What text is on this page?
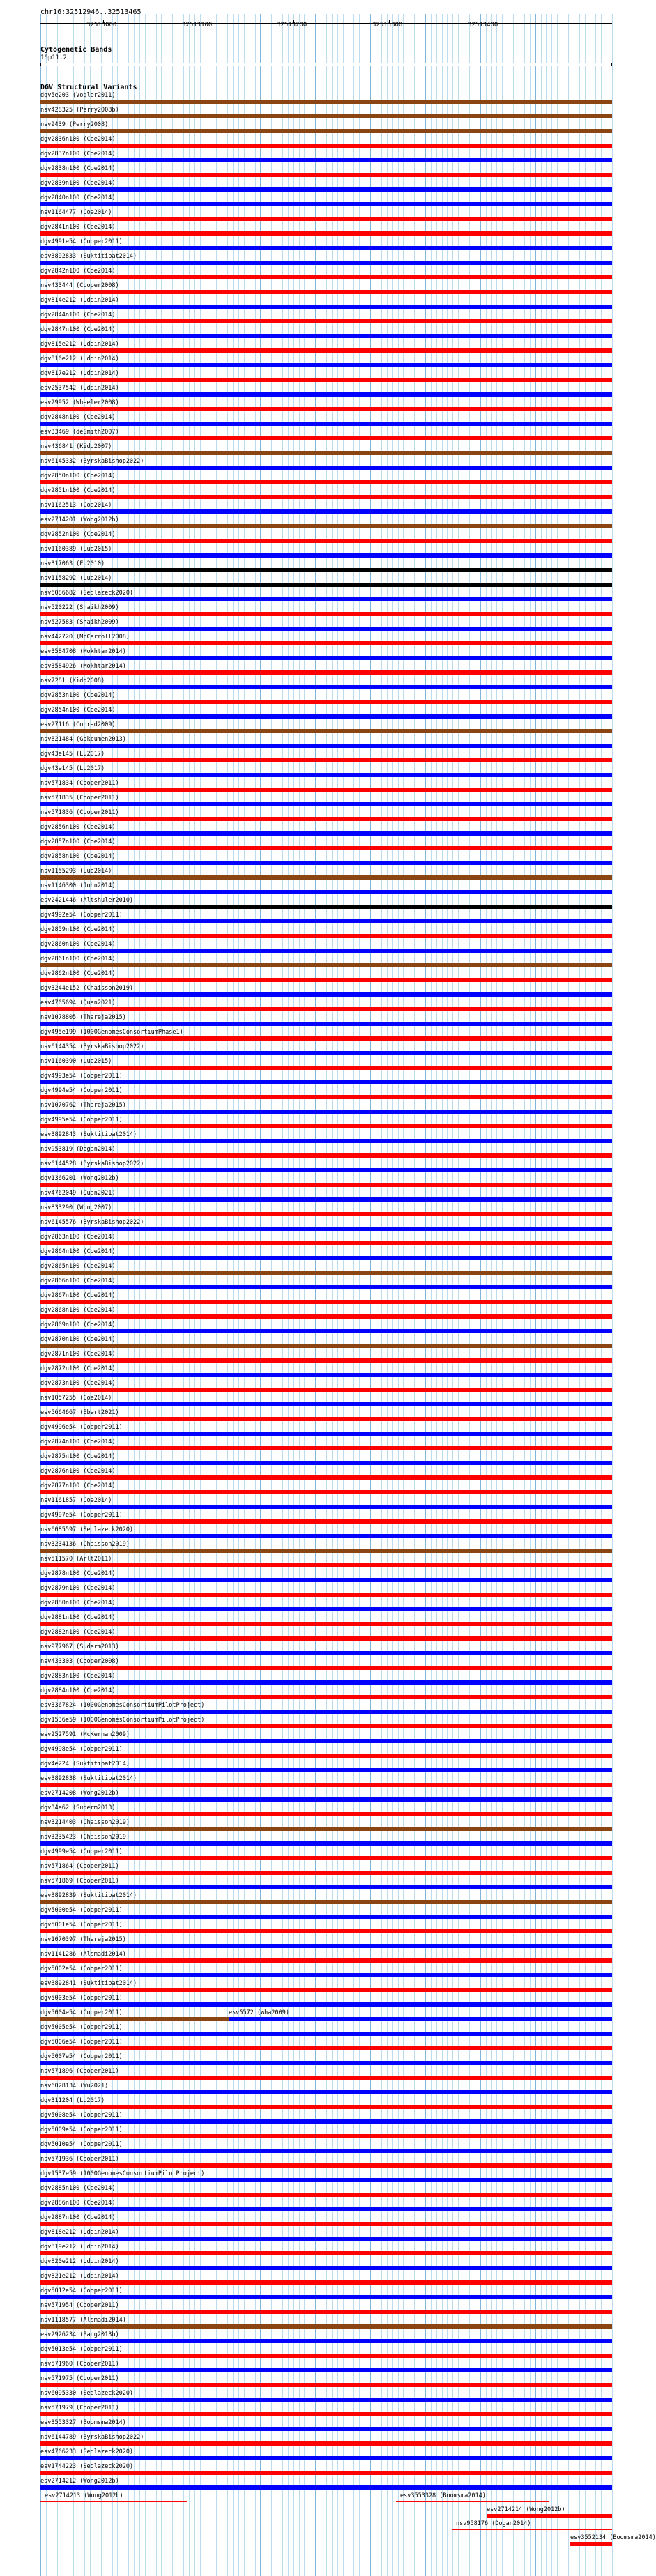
chr16:32512946..32513465
32513000	32513100	32513200	32513300	32513400
Cytogenetic Bands
16p11.2
DGV Structural Variants
dgv5e203 (Vogler2011)
nsv428325 (Perry2008b)
nsv9439 (Perry2008)
dgv2836n100 (Coe2014)
dgv2837n100 (Coe2014)
dgv2838n100 (Coe2014)
dgv2839n100 (Coe2014)
dgv2840n100 (Coe2014)
nsv1164477 (Coe2014)
dgv2841n100 (Coe2014)
dgv4991e54 (Cooper2011)
esv3892833 (Suktitipat2014)
dgv2842n100 (Coe2014)
nsv433444 (Cooper2008)
dgv814e212 (Uddin2014)
dgv2844n100 (Coe2014)
dgv2847n100 (Coe2014)
dgv815e212 (Uddin2014)
dgv816e212 (Uddin2014)
dgv817e212 (Uddin2014)
esv2537542 (Uddin2014)
esv29952 (Wheeler2008)
dgv2848n100 (Coe2014)
esv33469 (deSmith2007)
nsv436841 (Kidd2007)
nsv6145332 (ByrskaBishop2022)
dgv2850n100 (Coe2014)
dgv2851n100 (Coe2014)
nsv1162513 (Coe2014)
esv2714201 (Wong2012b)
dgv2852n100 (Coe2014)
nsv1160389 (Luo2015)
nsv317063 (Fu2010)
nsv1158292 (Luo2014)
nsv6086682 (Sedlazeck2020)
nsv520222 (Shaikh2009)
nsv527583 (Shaikh2009)
nsv442720 (McCarroll2008)
esv3584708 (Mokhtar2014)
esv3584926 (Mokhtar2014)
nsv7281 (Kidd2008)
dgv2853n100 (Coe2014)
dgv2854n100 (Coe2014)
esv27116 (Conrad2009)
nsv821484 (Gokcumen2013)
dgv43e145 (Lu2017)
dgv43e145 (Lu2017)
nsv571834 (Cooper2011)
nsv571835 (Cooper2011)
nsv571836 (Cooper2011)
dgv2856n100 (Coe2014)
dgv2857n100 (Coe2014)
dgv2858n100 (Coe2014)
nsv1155293 (Luo2014)
nsv1146300 (John2014)
esv2421446 (Altshuler2010)
dgv4992e54 (Cooper2011)
dgv2859n100 (Coe2014)
dgv2860n100 (Coe2014)
dgv2861n100 (Coe2014)
dgv2862n100 (Coe2014)
dgv3244e152 (Chaisson2019)
esv4765694 (Quan2021)
nsv1078805 (Thareja2015)
dgv495e199 (1000GenomesConsortiumPhase1)
nsv6144354 (ByrskaBishop2022)
nsv1160390 (Luo2015)
dgv4993e54 (Cooper2011)
dgv4994e54 (Cooper2011)
nsv1070762 (Thareja2015)
dgv4995e54 (Cooper2011)
esv3892843 (Suktitipat2014)
nsv953819 (Dogan2014)
nsv6144528 (ByrskaBishop2022)
dgv1366201 (Wong2012b)
nsv4762049 (Quan2021)
nsv833290 (Wong2007)
nsv6145576 (ByrskaBishop2022)
dgv2863n100 (Coe2014)
dgv2864n100 (Coe2014)
dgv2865n100 (Coe2014)
dgv2866n100 (Coe2014)
dgv2867n100 (Coe2014)
dgv2868n100 (Coe2014)
dgv2869n100 (Coe2014)
dgv2870n100 (Coe2014)
dgv2871n100 (Coe2014)
dgv2872n100 (Coe2014)
dgv2873n100 (Coe2014)
nsv1057255 (Coe2014)
esv5664667 (Ebert2021)
dgv4996e54 (Cooper2011)
dgv2874n100 (Coe2014)
dgv2875n100 (Coe2014)
dgv2876n100 (Coe2014)
dgv2877n100 (Coe2014)
nsv1161857 (Coe2014)
dgv4997e54 (Cooper2011)
nsv6085597 (Sedlazeck2020)
nsv3234136 (Chaisson2019)
nsv511570 (Arlt2011)
dgv2878n100 (Coe2014)
dgv2879n100 (Coe2014)
dgv2880n100 (Coe2014)
dgv2881n100 (Coe2014)
dgv2882n100 (Coe2014)
nsv977967 (Suderm2013)
nsv433303 (Cooper2008)
dgv2883n100 (Coe2014)
dgv2884n100 (Coe2014)
esv3367824 (1000GenomesConsortiumPilotProject)
dgv1536e59 (1000GenomesConsortiumPilotProject)
esv2527591 (McKernan2009)
dgv4998e54 (Cooper2011)
dgv4e224 (Suktitipat2014)
esv3892838 (Suktitipat2014)
esv2714208 (Wong2012b)
dgv34e62 (Suderm2013)
nsv3214403 (Chaisson2019)
nsv3235423 (Chaisson2019)
dgv4999e54 (Cooper2011)
nsv571864 (Cooper2011)
nsv571869 (Cooper2011)
esv3892839 (Suktitipat2014)
dgv5000e54 (Cooper2011)
dgv5001e54 (Cooper2011)
nsv1070397 (Thareja2015)
nsv1141286 (Alsmadi2014)
dgv5002e54 (Cooper2011)
esv3892841 (Suktitipat2014)
dgv5003e54 (Cooper2011)
dgv5004e54 (Cooper2011)	esv5572 (Wha2009)
dgv5005e54 (Cooper2011)
dgv5006e54 (Cooper2011)
dgv5007e54 (Cooper2011)
nsv571896 (Cooper2011)
nsv6028134 (Wu2021)
dgv311204 (Lu2017)
dgv5008e54 (Cooper2011)
dgv5009e54 (Cooper2011)
dgv5010e54 (Cooper2011)
nsv571936 (Cooper2011)
dgv1537e59 (1000GenomesConsortiumPilotProject)
dgv2885n100 (Coe2014)
dgv2886n100 (Coe2014)
dgv2887n100 (Coe2014)
dgv818e212 (Uddin2014)
dgv819e212 (Uddin2014)
dgv820e212 (Uddin2014)
dgv821e212 (Uddin2014)
dgv5012e54 (Cooper2011)
nsv571954 (Cooper2011)
nsv1118577 (Alsmadi2014)
esv2926234 (Pang2013b)
dgv5013e54 (Cooper2011)
nsv571960 (Cooper2011)
nsv571975 (Cooper2011)
nsv6095330 (Sedlazeck2020)
nsv571979 (Cooper2011)
esv3553327 (Boomsma2014)
nsv6144789 (ByrskaBishop2022)
esv4766233 (Sedlazeck2020)
esv1744223 (Sedlazeck2020)
esv2714212 (Wong2012b)
esv2714213 (Wong2012b)	esv3553328 (Boomsma2014)
esv2714214 (Wong2012b)
nsv958176 (Dogan2014)
esv3552134 (Boomsma2014)
